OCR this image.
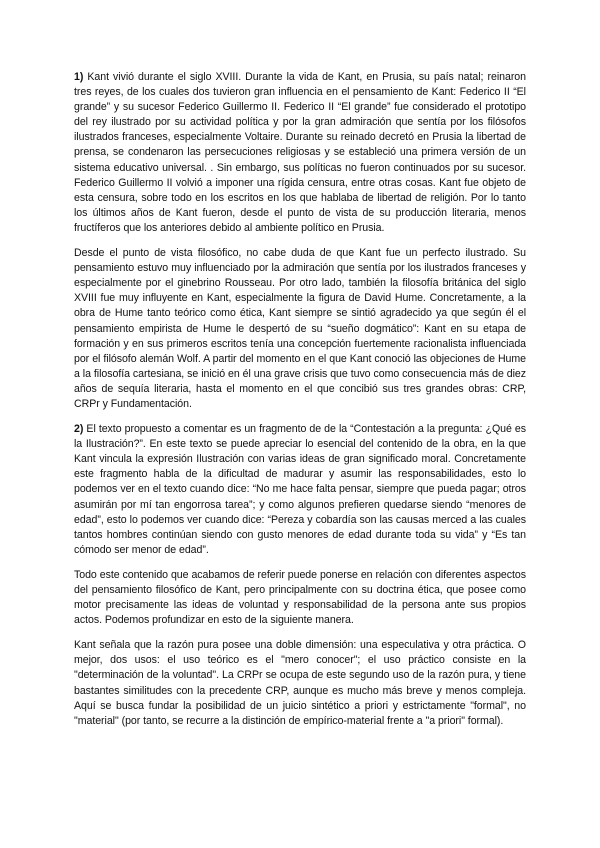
1) Kant vivió durante el siglo XVIII. Durante la vida de Kant, en Prusia, su país natal; reinaron tres reyes, de los cuales dos tuvieron gran influencia en el pensamiento de Kant: Federico II “El grande” y su sucesor Federico Guillermo II. Federico II “El grande” fue considerado el prototipo del rey ilustrado por su actividad política y por la gran admiración que sentía por los filósofos ilustrados franceses, especialmente Voltaire. Durante su reinado decretó en Prusia la libertad de prensa, se condenaron las persecuciones religiosas y se estableció una primera versión de un sistema educativo universal. . Sin embargo, sus políticas no fueron continuados por su sucesor. Federico Guillermo II volvió a imponer una rígida censura, entre otras cosas. Kant fue objeto de esta censura, sobre todo en los escritos en los que hablaba de libertad de religión. Por lo tanto los últimos años de Kant fueron, desde el punto de vista de su producción literaria, menos fructíferos que los anteriores debido al ambiente político en Prusia.

Desde el punto de vista filosófico, no cabe duda de que Kant fue un perfecto ilustrado. Su pensamiento estuvo muy influenciado por la admiración que sentía por los ilustrados franceses y especialmente por el ginebrino Rousseau. Por otro lado, también la filosofía británica del siglo XVIII fue muy influyente en Kant, especialmente la figura de David Hume. Concretamente, a la obra de Hume tanto teórico como ética, Kant siempre se sintió agradecido ya que según él el pensamiento empirista de Hume le despertó de su “sueño dogmático”: Kant en su etapa de formación y en sus primeros escritos tenía una concepción fuertemente racionalista influenciada por el filósofo alemán Wolf. A partir del momento en el que Kant conoció las objeciones de Hume a la filosofía cartesiana, se inició en él una grave crisis que tuvo como consecuencia más de diez años de sequía literaria, hasta el momento en el que concibió sus tres grandes obras: CRP, CRPr y Fundamentación.

2) El texto propuesto a comentar es un fragmento de de la “Contestación a la pregunta: ¿Qué es la Ilustración?”. En este texto se puede apreciar lo esencial del contenido de la obra, en la que Kant vincula la expresión Ilustración con varias ideas de gran significado moral. Concretamente este fragmento habla de la dificultad de madurar y asumir las responsabilidades, esto lo podemos ver en el texto cuando dice: “No me hace falta pensar, siempre que pueda pagar; otros asumirán por mí tan engorrosa tarea”; y como algunos prefieren quedarse siendo “menores de edad”, esto lo podemos ver cuando dice: “Pereza y cobardía son las causas merced a las cuales tantos hombres continúan siendo con gusto menores de edad durante toda su vida” y “Es tan cómodo ser menor de edad”.

Todo este contenido que acabamos de referir puede ponerse en relación con diferentes aspectos del pensamiento filosófico de Kant, pero principalmente con su doctrina ética, que posee como motor precisamente las ideas de voluntad y responsabilidad de la persona ante sus propios actos. Podemos profundizar en esto de la siguiente manera.

Kant señala que la razón pura posee una doble dimensión: una especulativa y otra práctica. O mejor, dos usos: el uso teórico es el "mero conocer"; el uso práctico consiste en la "determinación de la voluntad". La CRPr se ocupa de este segundo uso de la razón pura, y tiene bastantes similitudes con la precedente CRP, aunque es mucho más breve y menos compleja. Aquí se busca fundar la posibilidad de un juicio sintético a priori y estrictamente "formal", no "material" (por tanto, se recurre a la distinción de empírico-material frente a "a priori" formal).
